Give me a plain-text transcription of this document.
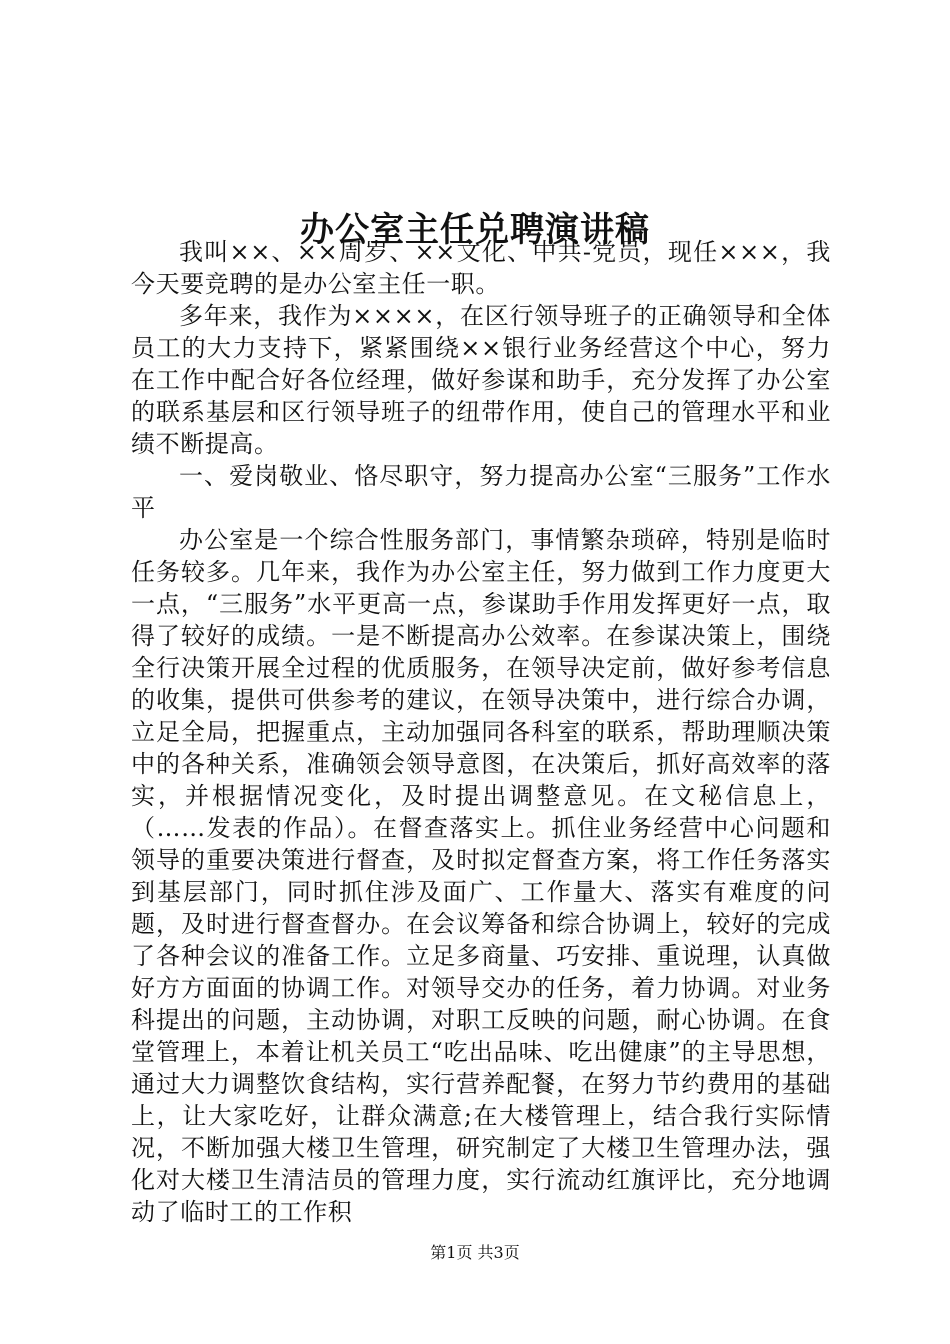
办公室主任兑聘演讲稿

我叫××、××周岁、××文化、中共-党员，现任×××，我今天要竞聘的是办公室主任一职。

多年来，我作为××××，在区行领导班子的正确领导和全体员工的大力支持下，紧紧围绕××银行业务经营这个中心，努力在工作中配合好各位经理，做好参谋和助手，充分发挥了办公室的联系基层和区行领导班子的纽带作用，使自己的管理水平和业绩不断提高。

一、爱岗敬业、恪尽职守，努力提高办公室“三服务”工作水平

办公室是一个综合性服务部门，事情繁杂琐碎，特别是临时任务较多。几年来，我作为办公室主任，努力做到工作力度更大一点，“三服务”水平更高一点，参谋助手作用发挥更好一点，取得了较好的成绩。一是不断提高办公效率。在参谋决策上，围绕全行决策开展全过程的优质服务，在领导决定前，做好参考信息的收集，提供可供参考的建议，在领导决策中，进行综合办调，立足全局，把握重点，主动加强同各科室的联系，帮助理顺决策中的各种关系，准确领会领导意图，在决策后，抓好高效率的落实，并根据情况变化，及时提出调整意见。在文秘信息上，（……发表的作品）。在督查落实上。抓住业务经营中心问题和领导的重要决策进行督查，及时拟定督查方案，将工作任务落实到基层部门，同时抓住涉及面广、工作量大、落实有难度的问题，及时进行督查督办。在会议筹备和综合协调上，较好的完成了各种会议的准备工作。立足多商量、巧安排、重说理，认真做好方方面面的协调工作。对领导交办的任务，着力协调。对业务科提出的问题，主动协调，对职工反映的问题，耐心协调。在食堂管理上，本着让机关员工“吃出品味、吃出健康”的主导思想，通过大力调整饮食结构，实行营养配餐，在努力节约费用的基础上，让大家吃好，让群众满意;在大楼管理上，结合我行实际情况，不断加强大楼卫生管理，研究制定了大楼卫生管理办法，强化对大楼卫生清洁员的管理力度，实行流动红旗评比，充分地调动了临时工的工作积

第1页 共3页
